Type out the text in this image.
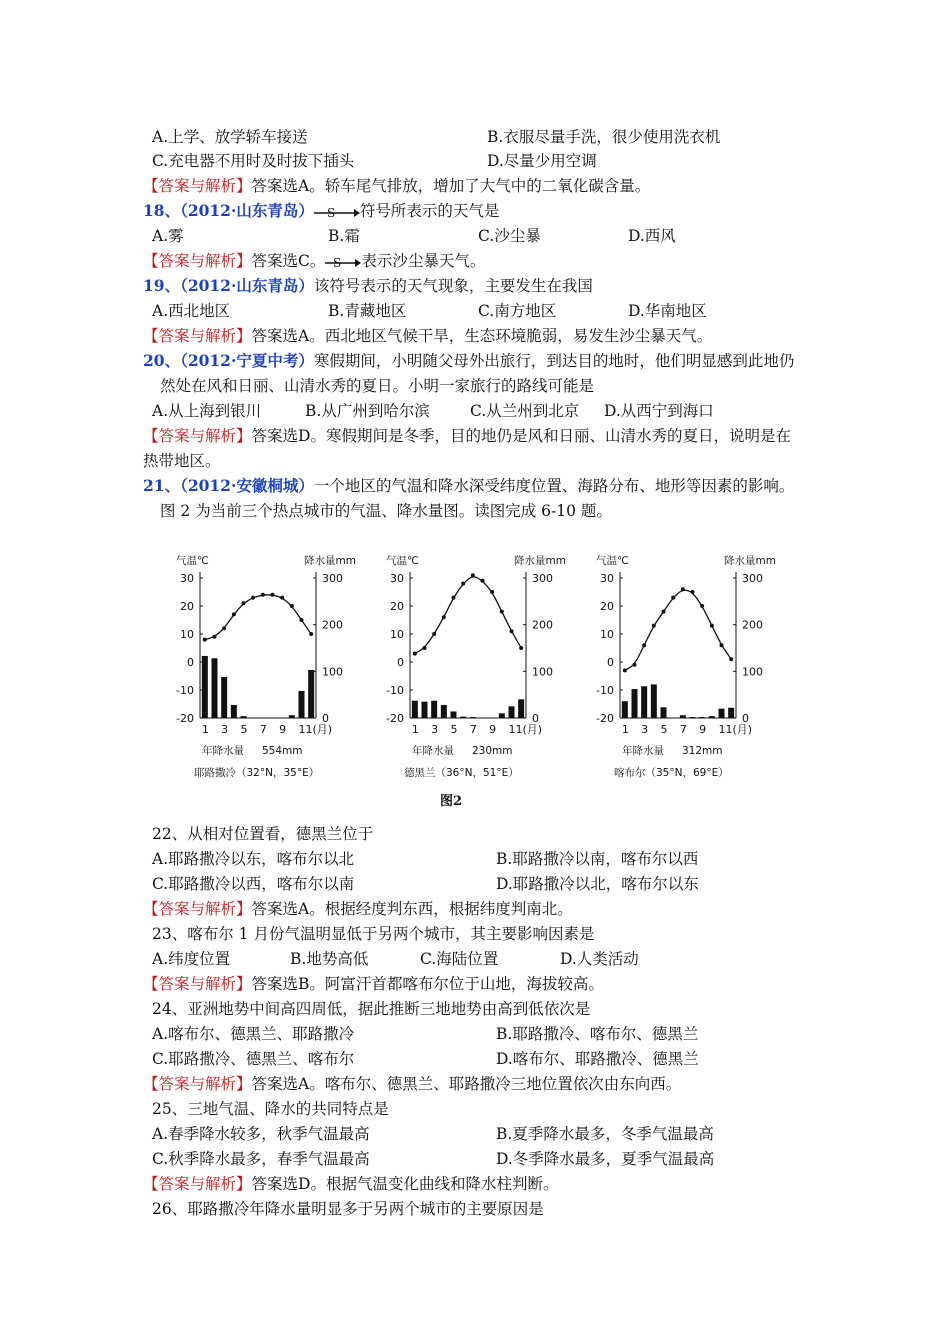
A.上学、放学轿车接送	B.衣服尽量手洗，很少使用洗衣机
C.充电器不用时及时拔下插头	D.尽量少用空调
【答案与解析】答案选A。轿车尾气排放，增加了大气中的二氧化碳含量。
18、（2012·山东青岛） S 符号所表示的天气是
A.雾	B.霜	C.沙尘暴	D.西风
【答案与解析】答案选C。 S 表示沙尘暴天气。
19、（2012·山东青岛）该符号表示的天气现象，主要发生在我国
A.西北地区	B.青藏地区	C.南方地区	D.华南地区
【答案与解析】答案选A。西北地区气候干旱，生态环境脆弱，易发生沙尘暴天气。
20、（2012·宁夏中考）寒假期间，小明随父母外出旅行，到达目的地时，他们明显感到此地仍
然处在风和日丽、山清水秀的夏日。小明一家旅行的路线可能是
A.从上海到银川	B.从广州到哈尔滨	C.从兰州到北京 D.从西宁到海口
【答案与解析】答案选D。寒假期间是冬季，目的地仍是风和日丽、山清水秀的夏日，说明是在
热带地区。
21、（2012·安徽桐城）一个地区的气温和降水深受纬度位置、海路分布、地形等因素的影响。
图 2 为当前三个热点城市的气温、降水量图。读图完成 6-10 题。
气温℃	降水量mm
30
20
10
0
-10
-20
300
200
100
0
1 3 5 7 9 11(月)
年降水量 554mm
耶路撒冷（32°N，35°E）
气温℃	降水量mm
30
20
10
0
-10
-20
300
200
100
0
1 3 5 7 9 11(月)
年降水量 230mm
德黑兰（36°N，51°E）
气温℃	降水量mm
30
20
10
0
-10
-20
300
200
100
0
1 3 5 7 9 11(月)
年降水量 312mm
喀布尔（35°N，69°E）
图2
22、从相对位置看，德黑兰位于
A.耶路撒冷以东，喀布尔以北	B.耶路撒冷以南，喀布尔以西
C.耶路撒冷以西，喀布尔以南	D.耶路撒冷以北，喀布尔以东
【答案与解析】答案选A。根据经度判东西，根据纬度判南北。
23、喀布尔 1 月份气温明显低于另两个城市，其主要影响因素是
A.纬度位置	B.地势高低	C.海陆位置	D.人类活动
【答案与解析】答案选B。阿富汗首都喀布尔位于山地，海拔较高。
24、亚洲地势中间高四周低，据此推断三地地势由高到低依次是
A.喀布尔、德黑兰、耶路撒冷	B.耶路撒冷、喀布尔、德黑兰
C.耶路撒冷、德黑兰、喀布尔	D.喀布尔、耶路撒冷、德黑兰
【答案与解析】答案选A。喀布尔、德黑兰、耶路撒冷三地位置依次由东向西。
25、三地气温、降水的共同特点是
A.春季降水较多，秋季气温最高	B.夏季降水最多，冬季气温最高
C.秋季降水最多，春季气温最高	D.冬季降水最多，夏季气温最高
【答案与解析】答案选D。根据气温变化曲线和降水柱判断。
26、耶路撒冷年降水量明显多于另两个城市的主要原因是
